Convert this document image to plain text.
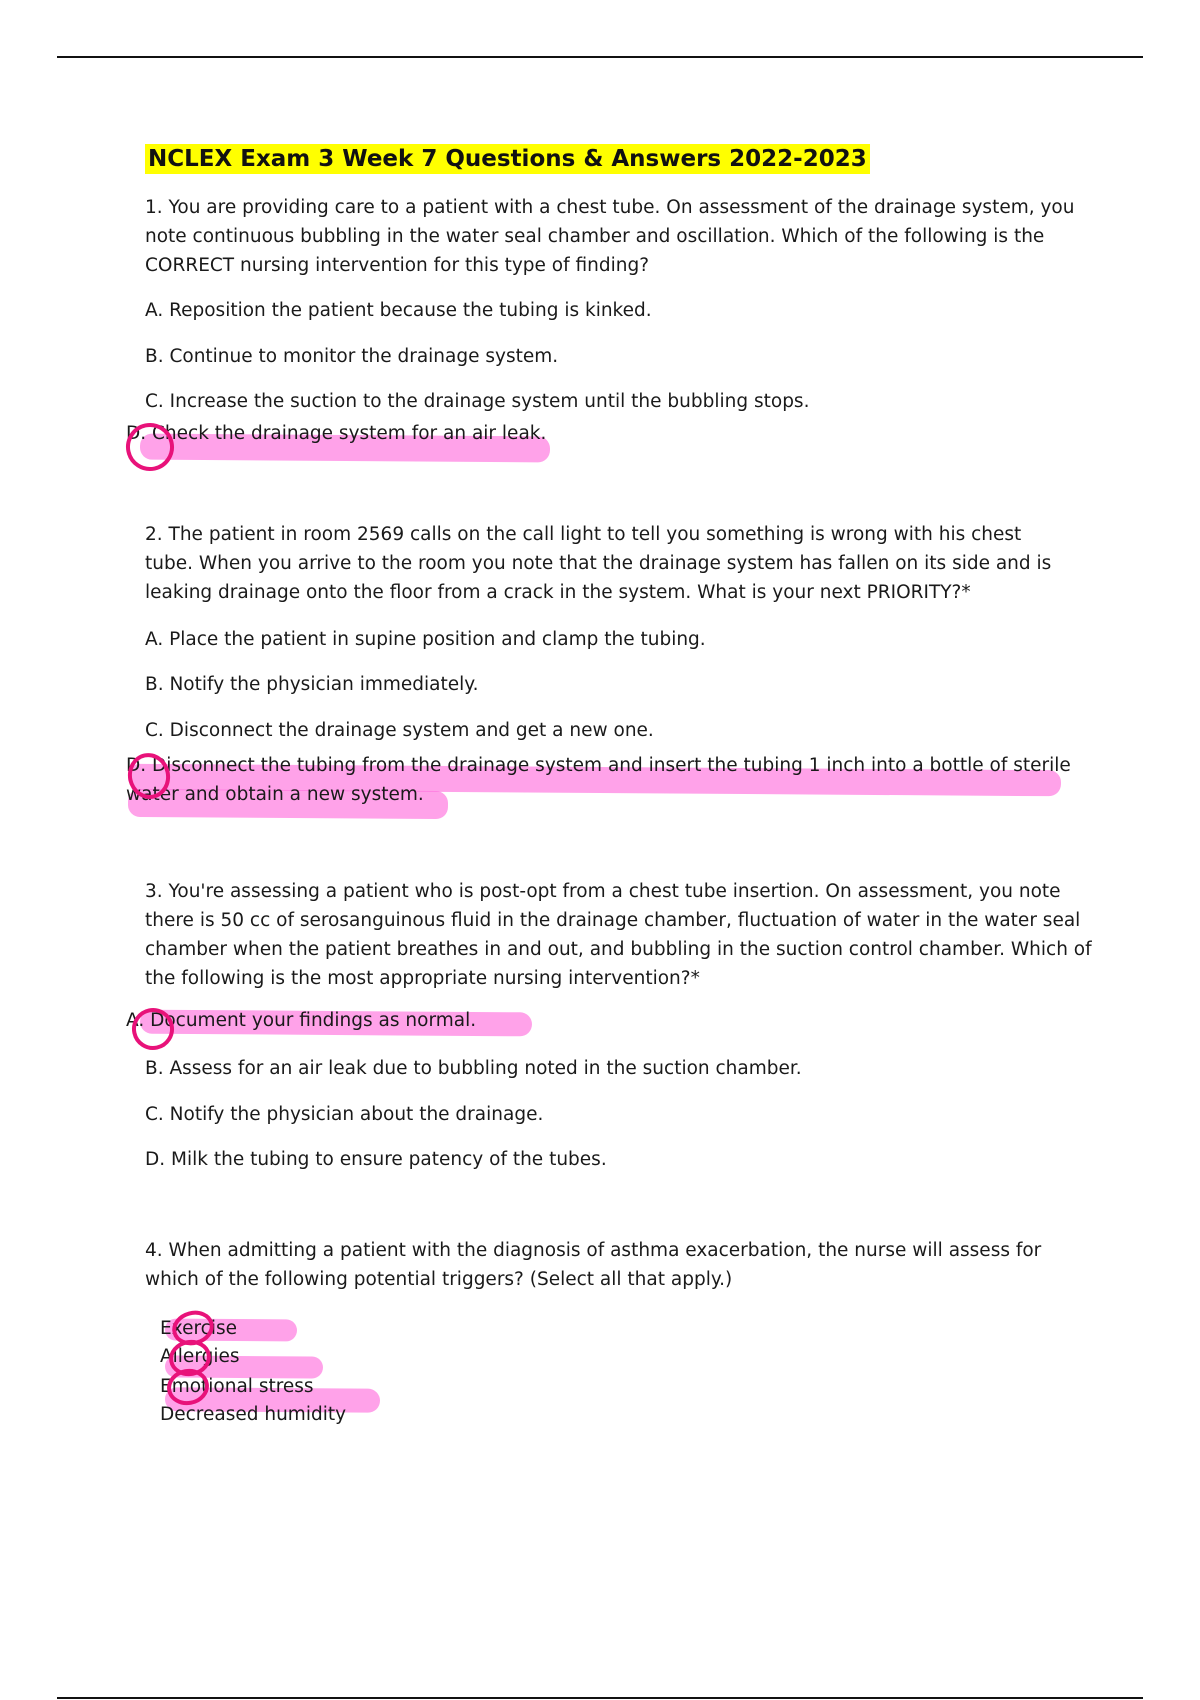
NCLEX Exam 3 Week 7 Questions & Answers 2022-2023
1. You are providing care to a patient with a chest tube. On assessment of the drainage system, you
note continuous bubbling in the water seal chamber and oscillation. Which of the following is the
CORRECT nursing intervention for this type of finding?
A. Reposition the patient because the tubing is kinked.
B. Continue to monitor the drainage system.
C. Increase the suction to the drainage system until the bubbling stops.
D. Check the drainage system for an air leak.
2. The patient in room 2569 calls on the call light to tell you something is wrong with his chest
tube. When you arrive to the room you note that the drainage system has fallen on its side and is
leaking drainage onto the floor from a crack in the system. What is your next PRIORITY?*
A. Place the patient in supine position and clamp the tubing.
B. Notify the physician immediately.
C. Disconnect the drainage system and get a new one.
D. Disconnect the tubing from the drainage system and insert the tubing 1 inch into a bottle of sterile
water and obtain a new system.
3. You're assessing a patient who is post-opt from a chest tube insertion. On assessment, you note
there is 50 cc of serosanguinous fluid in the drainage chamber, fluctuation of water in the water seal
chamber when the patient breathes in and out, and bubbling in the suction control chamber. Which of
the following is the most appropriate nursing intervention?*
A. Document your findings as normal.
B. Assess for an air leak due to bubbling noted in the suction chamber.
C. Notify the physician about the drainage.
D. Milk the tubing to ensure patency of the tubes.
4. When admitting a patient with the diagnosis of asthma exacerbation, the nurse will assess for
which of the following potential triggers? (Select all that apply.)
Exercise
Allergies
Emotional stress
Decreased humidity
